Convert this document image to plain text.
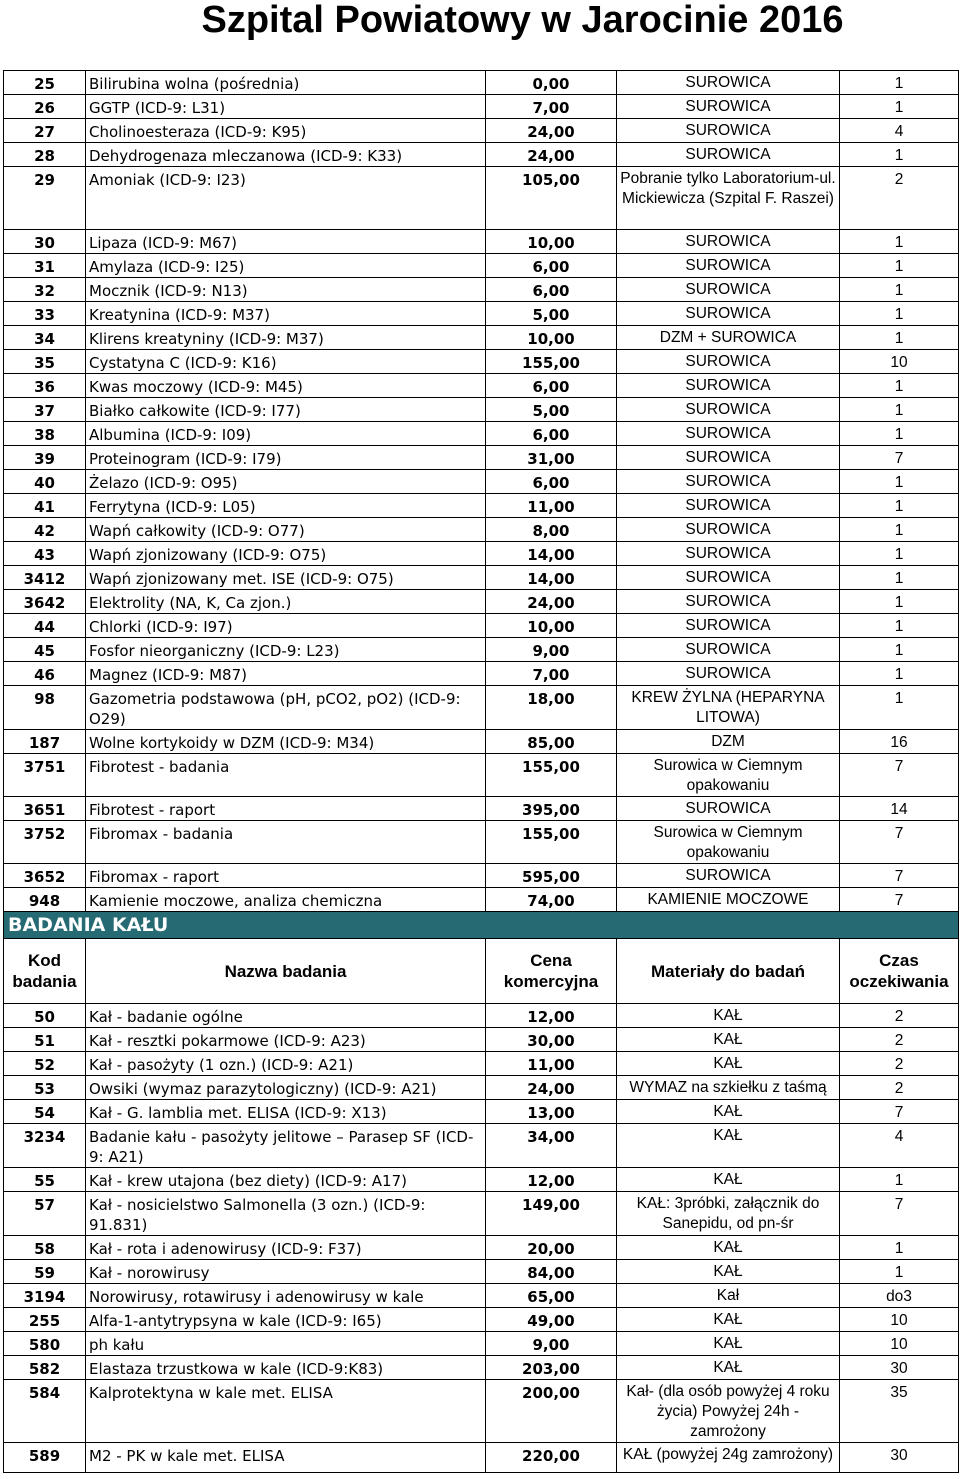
Szpital Powiatowy w Jarocinie 2016
25	Bilirubina wolna (pośrednia)	0,00	SUROWICA	1
26	GGTP (ICD-9: L31)	7,00	SUROWICA	1
27	Cholinoesteraza (ICD-9: K95)	24,00	SUROWICA	4
28	Dehydrogenaza mleczanowa (ICD-9: K33)	24,00	SUROWICA	1
29	Amoniak (ICD-9: I23)	105,00	Pobranie tylko Laboratorium-ul. Mickiewicza (Szpital F. Raszei)	2
30	Lipaza (ICD-9: M67)	10,00	SUROWICA	1
31	Amylaza (ICD-9: I25)	6,00	SUROWICA	1
32	Mocznik (ICD-9: N13)	6,00	SUROWICA	1
33	Kreatynina (ICD-9: M37)	5,00	SUROWICA	1
34	Klirens kreatyniny (ICD-9: M37)	10,00	DZM + SUROWICA	1
35	Cystatyna C (ICD-9: K16)	155,00	SUROWICA	10
36	Kwas moczowy (ICD-9: M45)	6,00	SUROWICA	1
37	Białko całkowite (ICD-9: I77)	5,00	SUROWICA	1
38	Albumina (ICD-9: I09)	6,00	SUROWICA	1
39	Proteinogram (ICD-9: I79)	31,00	SUROWICA	7
40	Żelazo (ICD-9: O95)	6,00	SUROWICA	1
41	Ferrytyna (ICD-9: L05)	11,00	SUROWICA	1
42	Wapń całkowity (ICD-9: O77)	8,00	SUROWICA	1
43	Wapń zjonizowany (ICD-9: O75)	14,00	SUROWICA	1
3412	Wapń zjonizowany met. ISE (ICD-9: O75)	14,00	SUROWICA	1
3642	Elektrolity (NA, K, Ca zjon.)	24,00	SUROWICA	1
44	Chlorki (ICD-9: I97)	10,00	SUROWICA	1
45	Fosfor nieorganiczny (ICD-9: L23)	9,00	SUROWICA	1
46	Magnez (ICD-9: M87)	7,00	SUROWICA	1
98	Gazometria podstawowa (pH, pCO2, pO2) (ICD-9: O29)	18,00	KREW ŻYLNA (HEPARYNA LITOWA)	1
187	Wolne kortykoidy w DZM (ICD-9: M34)	85,00	DZM	16
3751	Fibrotest - badania	155,00	Surowica w Ciemnym opakowaniu	7
3651	Fibrotest - raport	395,00	SUROWICA	14
3752	Fibromax - badania	155,00	Surowica w Ciemnym opakowaniu	7
3652	Fibromax - raport	595,00	SUROWICA	7
948	Kamienie moczowe, analiza chemiczna	74,00	KAMIENIE MOCZOWE	7
BADANIA KAŁU				
Kod badania	Nazwa badania	Cena komercyjna	Materiały do badań	Czas oczekiwania
50	Kał - badanie ogólne	12,00	KAŁ	2
51	Kał - resztki pokarmowe (ICD-9: A23)	30,00	KAŁ	2
52	Kał - pasożyty (1 ozn.) (ICD-9: A21)	11,00	KAŁ	2
53	Owsiki (wymaz parazytologiczny) (ICD-9: A21)	24,00	WYMAZ na szkiełku z taśmą	2
54	Kał - G. lamblia met. ELISA (ICD-9: X13)	13,00	KAŁ	7
3234	Badanie kału - pasożyty jelitowe – Parasep SF (ICD-9: A21)	34,00	KAŁ	4
55	Kał - krew utajona (bez diety) (ICD-9: A17)	12,00	KAŁ	1
57	Kał - nosicielstwo Salmonella (3 ozn.) (ICD-9: 91.831)	149,00	KAŁ: 3próbki, załącznik do Sanepidu, od pn-śr	7
58	Kał - rota i adenowirusy (ICD-9: F37)	20,00	KAŁ	1
59	Kał - norowirusy	84,00	KAŁ	1
3194	Norowirusy, rotawirusy i adenowirusy w kale	65,00	Kał	do3
255	Alfa-1-antytrypsyna w kale (ICD-9: I65)	49,00	KAŁ	10
580	ph kału	9,00	KAŁ	10
582	Elastaza trzustkowa w kale (ICD-9:K83)	203,00	KAŁ	30
584	Kalprotektyna w kale met. ELISA	200,00	Kał- (dla osób powyżej 4 roku życia) Powyżej 24h -zamrożony	35
589	M2 - PK w kale met. ELISA	220,00	KAŁ (powyżej 24g zamrożony)	30
